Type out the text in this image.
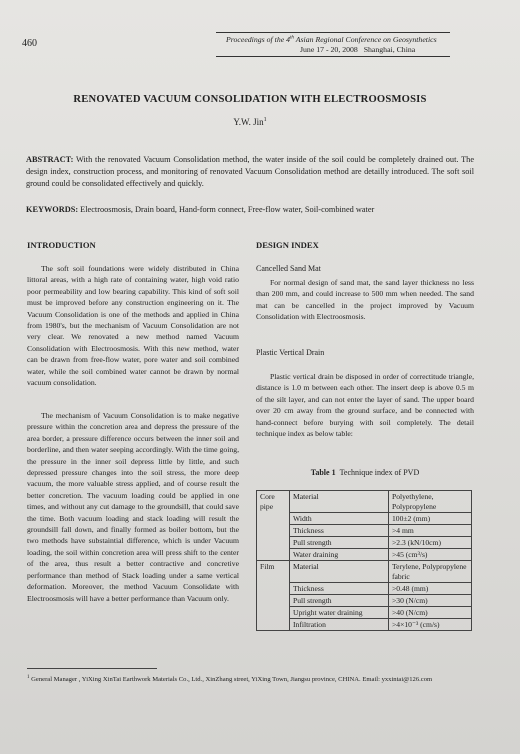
460	Proceedings of the 4th Asian Regional Conference on Geosynthetics
June 17 - 20, 2008 Shanghai, China
RENOVATED VACUUM CONSOLIDATION WITH ELECTROOSMOSIS
Y.W. Jin$^1$
ABSTRACT: With the renovated Vacuum Consolidation method, the water inside of the soil could be completely drained out. The design index, construction process, and monitoring of renovated Vacuum Consolidation method are detailly introduced. The soft soil ground could be consolidated effectively and quickly.
KEYWORDS: Electroosmosis, Drain board, Hand-form connect, Free-flow water, Soil-combined water
INTRODUCTION

The soft soil foundations were widely distributed in China littoral areas, with a high rate of containing water, high void ratio poor permeability and low bearing capability. This kind of soft soil must be improved before any construction engineering on it. The Vacuum Consolidation is one of the methods and applied in China from 1980's, but the mechanism of Vacuum Consolidation are not very clear. We renovated a new method named Vacuum Consolidation with Electroosmosis. With this new method, water can be drawn from free-flow water, pore water and soil combined water, while the soil combined water cannot be drawn by normal vacuum consolidation.

The mechanism of Vacuum Consolidation is to make negative pressure within the concretion area and depress the pressure of the area border, a pressure difference occurs between the inner soil and borderline, and then water seeping accordingly. With the time going, the pressure in the inner soil depress little by little, and such depressed pressure changes into the soil stress, the more deep vacuum, the more valuable stress applied, and of course result the better concretion. The vacuum loading could be applied in one times, and without any cut damage to the groundsill, that could save the time. Both vacuum loading and stack loading will result the groundsill fall down, and finally formed as boiler bottom, but the two methods have substaintial difference, which is under Vacuum loading, the soil within concretion area will press shift to the center of the area, thus result a better contractive and concretive performance than method of Stack loading under a same vertical deformation. Moreover, the method Vacuum Consolidate with Electroosmosis will have a better performance than Vacuum only.

DESIGN INDEX
Cancelled Sand Mat

For normal design of sand mat, the sand layer thickness no less than 200 mm, and could increase to 500 mm when needed. The sand mat can be cancelled in the project improved by Vacuum Consolidation with Electroosmosis.

Plastic Vertical Drain

Plastic vertical drain be disposed in order of correctitude triangle, distance is 1.0 m between each other. The insert deep is above 0.5 m of the silt layer, and can not enter the layer of sand. The upper board over 20 cm away from the ground surface, and be connected with hand-connect before burying with soil completely. The detail technique index as below table:

Table 1 Technique index of PVD
Core pipe	Material	Polyethylene, Polypropylene
	Width	100±2 (mm)
	Thickness	>4 mm
	Pull strength	>2.3 (kN/10cm)
	Water draining	>45 (cm³/s)
Film	Material	Terylene, Polypropylene fabric
	Thickness	>0.48 (mm)
	Pull strength	>30 (N/cm)
	Upright water draining	>40 (N/cm)
	Infiltration	>4×10⁻³ (cm/s)
$^1$ General Manager , YiXing XinTai Earthwork Materials Co., Ltd., XinZhang street, YiXing Town, Jiangsu province, CHINA. Email: yxxintai@126.com
